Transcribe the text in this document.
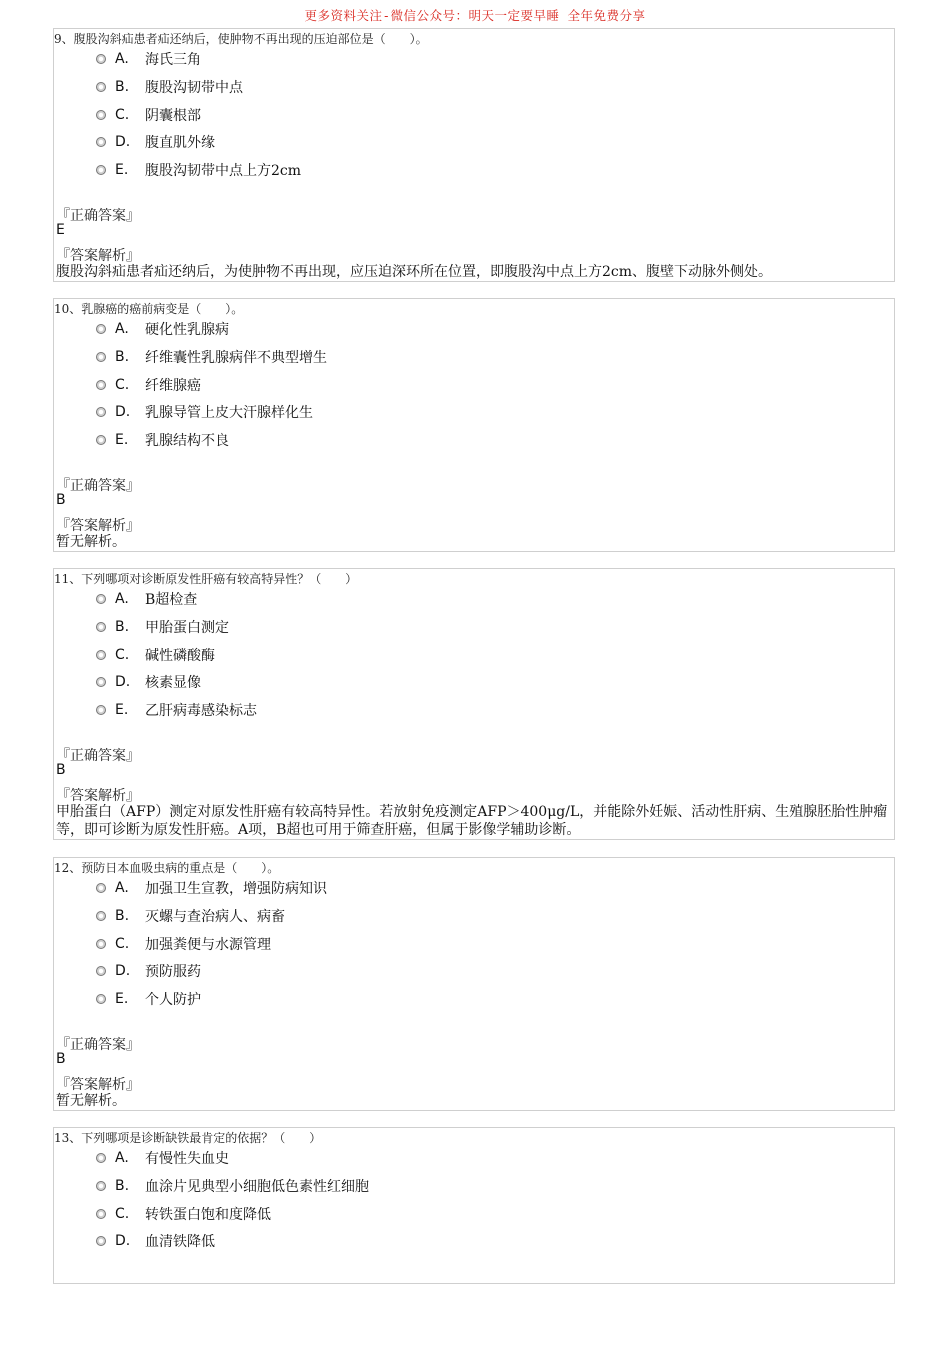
更多资料关注-微信公众号：明天一定要早睡 全年免费分享
9、腹股沟斜疝患者疝还纳后，使肿物不再出现的压迫部位是（　　）。
A.	海氏三角
B.	腹股沟韧带中点
C.	阴囊根部
D.	腹直肌外缘
E.	腹股沟韧带中点上方2cm
『正确答案』
E
『答案解析』
腹股沟斜疝患者疝还纳后，为使肿物不再出现，应压迫深环所在位置，即腹股沟中点上方2cm、腹壁下动脉外侧处。
10、乳腺癌的癌前病变是（　　）。
A.	硬化性乳腺病
B.	纤维囊性乳腺病伴不典型增生
C.	纤维腺癌
D.	乳腺导管上皮大汗腺样化生
E.	乳腺结构不良
『正确答案』
B
『答案解析』
暂无解析。
11、下列哪项对诊断原发性肝癌有较高特异性？（　　）
A.	B超检查
B.	甲胎蛋白测定
C.	碱性磷酸酶
D.	核素显像
E.	乙肝病毒感染标志
『正确答案』
B
『答案解析』
甲胎蛋白（AFP）测定对原发性肝癌有较高特异性。若放射免疫测定AFP＞400μg/L，并能除外妊娠、活动性肝病、生殖腺胚胎性肿瘤等，即可诊断为原发性肝癌。A项，B超也可用于筛查肝癌，但属于影像学辅助诊断。
12、预防日本血吸虫病的重点是（　　）。
A.	加强卫生宣教，增强防病知识
B.	灭螺与查治病人、病畜
C.	加强粪便与水源管理
D.	预防服药
E.	个人防护
『正确答案』
B
『答案解析』
暂无解析。
13、下列哪项是诊断缺铁最肯定的依据？（　　）
A.	有慢性失血史
B.	血涂片见典型小细胞低色素性红细胞
C.	转铁蛋白饱和度降低
D.	血清铁降低
